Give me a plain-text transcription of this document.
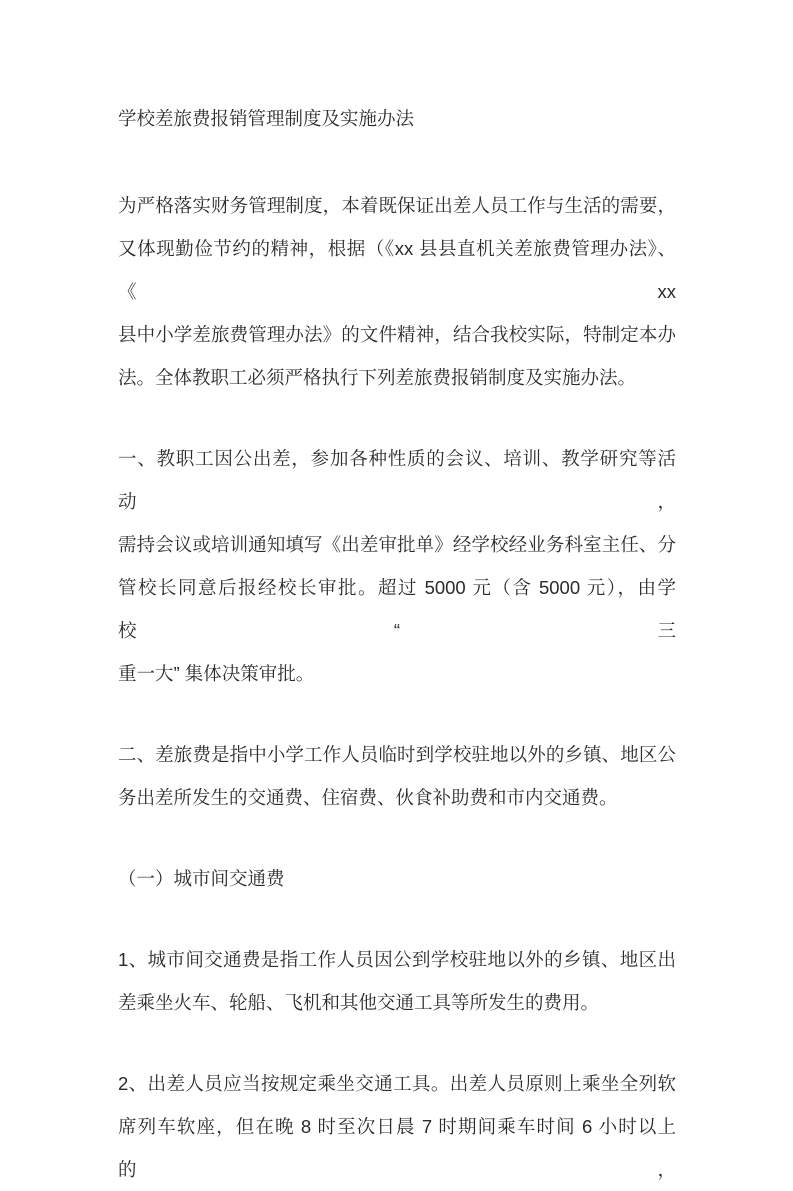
学校差旅费报销管理制度及实施办法
为严格落实财务管理制度，本着既保证出差人员工作与生活的需要，
又体现勤俭节约的精神，根据（《xx 县县直机关差旅费管理办法》、《xx
县中小学差旅费管理办法》的文件精神，结合我校实际，特制定本办
法。全体教职工必须严格执行下列差旅费报销制度及实施办法。
一、教职工因公出差，参加各种性质的会议、培训、教学研究等活动，
需持会议或培训通知填写《出差审批单》经学校经业务科室主任、分
管校长同意后报经校长审批。超过 5000 元（含 5000 元），由学校“三
重一大” 集体决策审批。
二、差旅费是指中小学工作人员临时到学校驻地以外的乡镇、地区公
务出差所发生的交通费、住宿费、伙食补助费和市内交通费。
（一）城市间交通费
1、城市间交通费是指工作人员因公到学校驻地以外的乡镇、地区出
差乘坐火车、轮船、飞机和其他交通工具等所发生的费用。
2、出差人员应当按规定乘坐交通工具。出差人员原则上乘坐全列软
席列车软座，但在晚 8 时至次日晨 7 时期间乘车时间 6 小时以上的，
